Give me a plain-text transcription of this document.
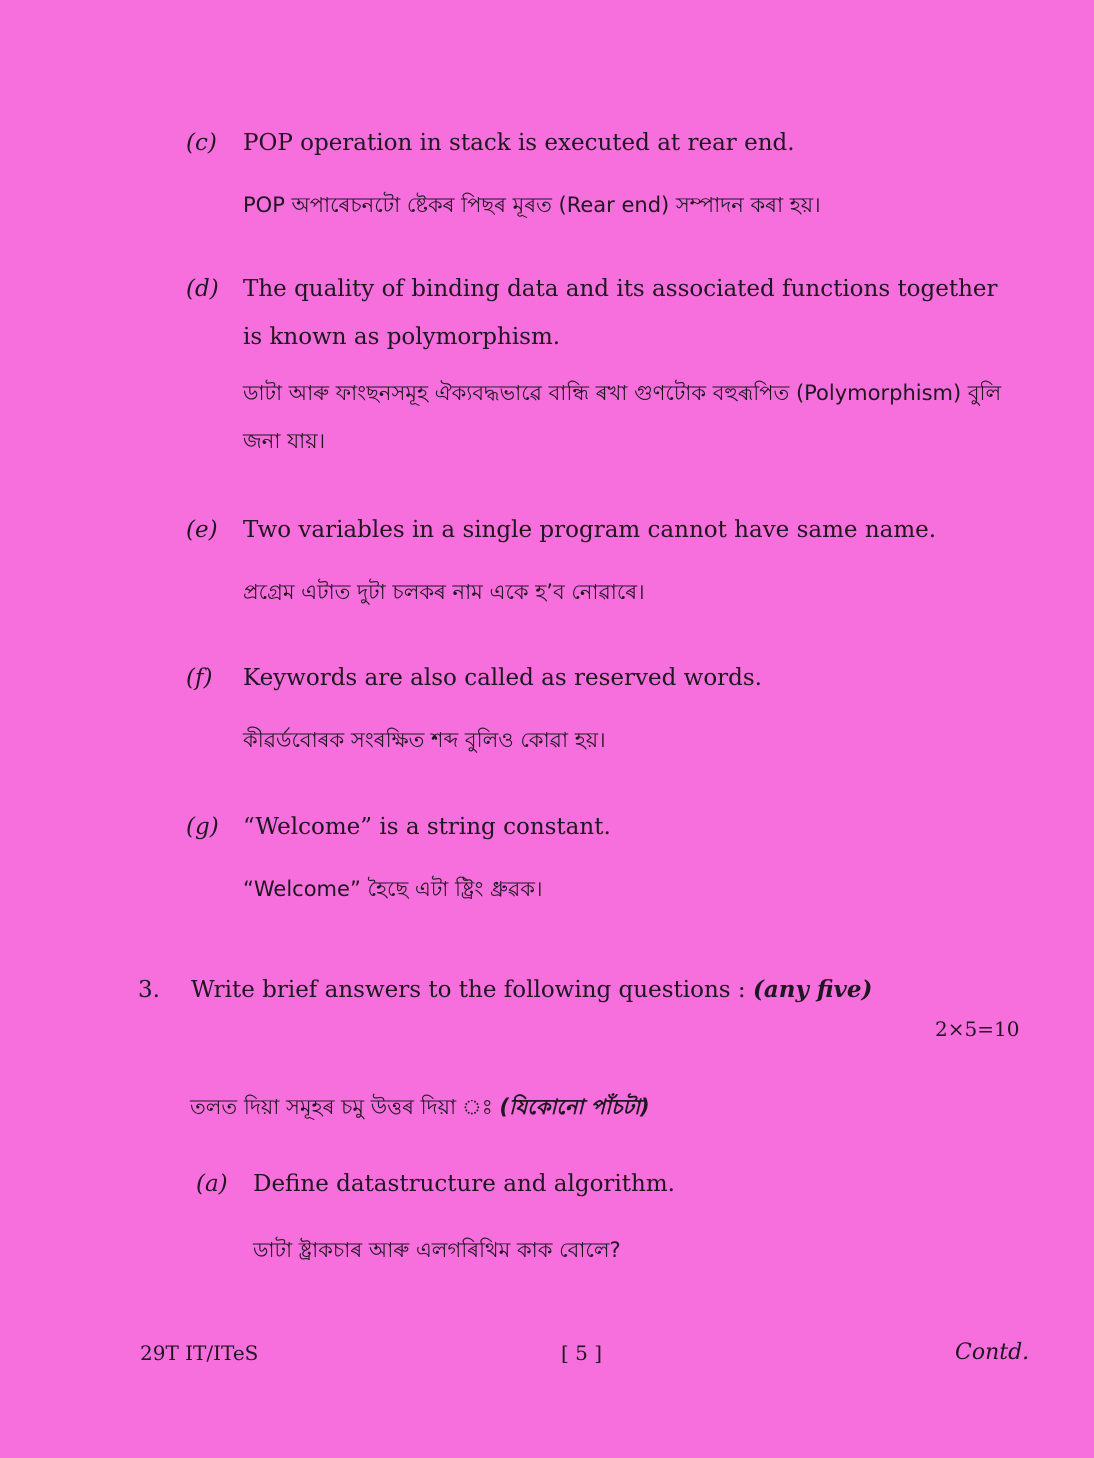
(c) POP operation in stack is executed at rear end.
POP অপাৰেচনটো ষ্টেকৰ পিছৰ মূৰত (Rear end) সম্পাদন কৰা হয়।
(d) The quality of binding data and its associated functions together is known as polymorphism.
ডাটা আৰু ফাংছনসমূহ ঐক্যবদ্ধভাৱে বান্ধি ৰখা গুণটোক বহুৰূপিত (Polymorphism) বুলি জনা যায়।
(e) Two variables in a single program cannot have same name.
প্ৰগ্ৰেম এটাত দুটা চলকৰ নাম একে হ’ব নোৱাৰে।
(f) Keywords are also called as reserved words.
কীৱৰ্ডবোৰক সংৰক্ষিত শব্দ বুলিও কোৱা হয়।
(g) “Welcome” is a string constant.
“Welcome” হৈছে এটা ষ্ট্ৰিং ধ্ৰুৱক।
3. Write brief answers to the following questions : (any five)
2×5=10
তলত দিয়া সমূহৰ চমু উত্তৰ দিয়া ঃ (যিকোনো পাঁচটা)
(a) Define datastructure and algorithm.
ডাটা ষ্ট্ৰাকচাৰ আৰু এলগৰিথিম কাক বোলে?
29T IT/ITeS	[ 5 ]	Contd.
